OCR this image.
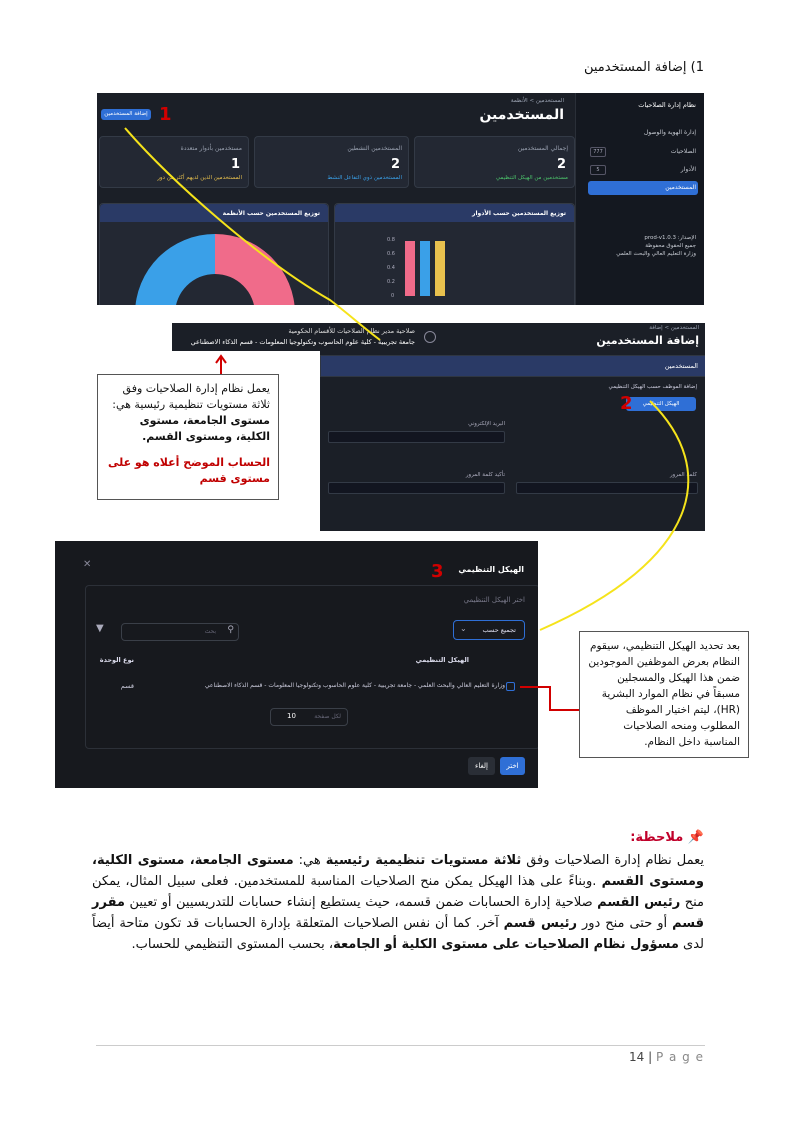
1) إضافة المستخدمين
نظام إدارة الصلاحيات
إدارة الهوية والوصول
الصلاحيات
777
الأدوار
5
المستخدمين
الإصدار: prod-v1.0.3
جميع الحقوق محفوظة
وزارة التعليم العالي والبحث العلمي
المستخدمين > الأنظمة
المستخدمين
إضافة المستخدمين 1
إجمالي المستخدمين
2
مستخدمين من الهيكل التنظيمي
المستخدمين النشطين
2
المستخدمين ذوي التفاعل النشط
مستخدمين بأدوار متعددة
1
المستخدمين الذين لديهم أكثر من دور
توزيع المستخدمين حسب الأدوار
0.8
0.6
0.4
0.2
0
توزيع المستخدمين حسب الأنظمة
صلاحية مدير نظام الصلاحيات للأقسام الحكومية
جامعة تجريبية - كلية علوم الحاسوب وتكنولوجيا المعلومات - قسم الذكاء الاصطناعي
المستخدمين > إضافة
إضافة المستخدمين
المستخدمين
إضافة الموظف حسب الهيكل التنظيمي
الهيكل التنظيمي
2
البريد الإلكتروني
كلمة المرور
تأكيد كلمة المرور
يعمل نظام إدارة الصلاحيات وفق ثلاثة مستويات تنظيمية رئيسية هي:
مستوى الجامعة، مستوى الكلية، ومستوى القسم.
الحساب الموضح أعلاه هو على مستوى قسم
✕	الهيكل التنظيمي
3
اختر الهيكل التنظيمي
تجميع حسب
⌄
بحث ⚲
▼
الهيكل التنظيمي
نوع الوحدة
وزارة التعليم العالي والبحث العلمي - جامعة تجريبية - كلية علوم الحاسوب وتكنولوجيا المعلومات - قسم الذكاء الاصطناعي
قسم
لكل صفحة
10
اختر
إلغاء
بعد تحديد الهيكل التنظيمي، سيقوم النظام بعرض الموظفين الموجودين ضمن هذا الهيكل والمسجلين مسبقاً في نظام الموارد البشرية (HR)، ليتم اختيار الموظف المطلوب ومنحه الصلاحيات المناسبة داخل النظام.
📌 ملاحظة:
يعمل نظام إدارة الصلاحيات وفق ثلاثة مستويات تنظيمية رئيسية هي: مستوى الجامعة، مستوى الكلية، ومستوى القسم .وبناءً على هذا الهيكل يمكن منح الصلاحيات المناسبة للمستخدمين. فعلى سبيل المثال، يمكن منح رئيس القسم صلاحية إدارة الحسابات ضمن قسمه، حيث يستطيع إنشاء حسابات للتدريسيين أو تعيين مقرر قسم أو حتى منح دور رئيس قسم آخر. كما أن نفس الصلاحيات المتعلقة بإدارة الحسابات قد تكون متاحة أيضاً لدى مسؤول نظام الصلاحيات على مستوى الكلية أو الجامعة، بحسب المستوى التنظيمي للحساب.
14 | P a g e
